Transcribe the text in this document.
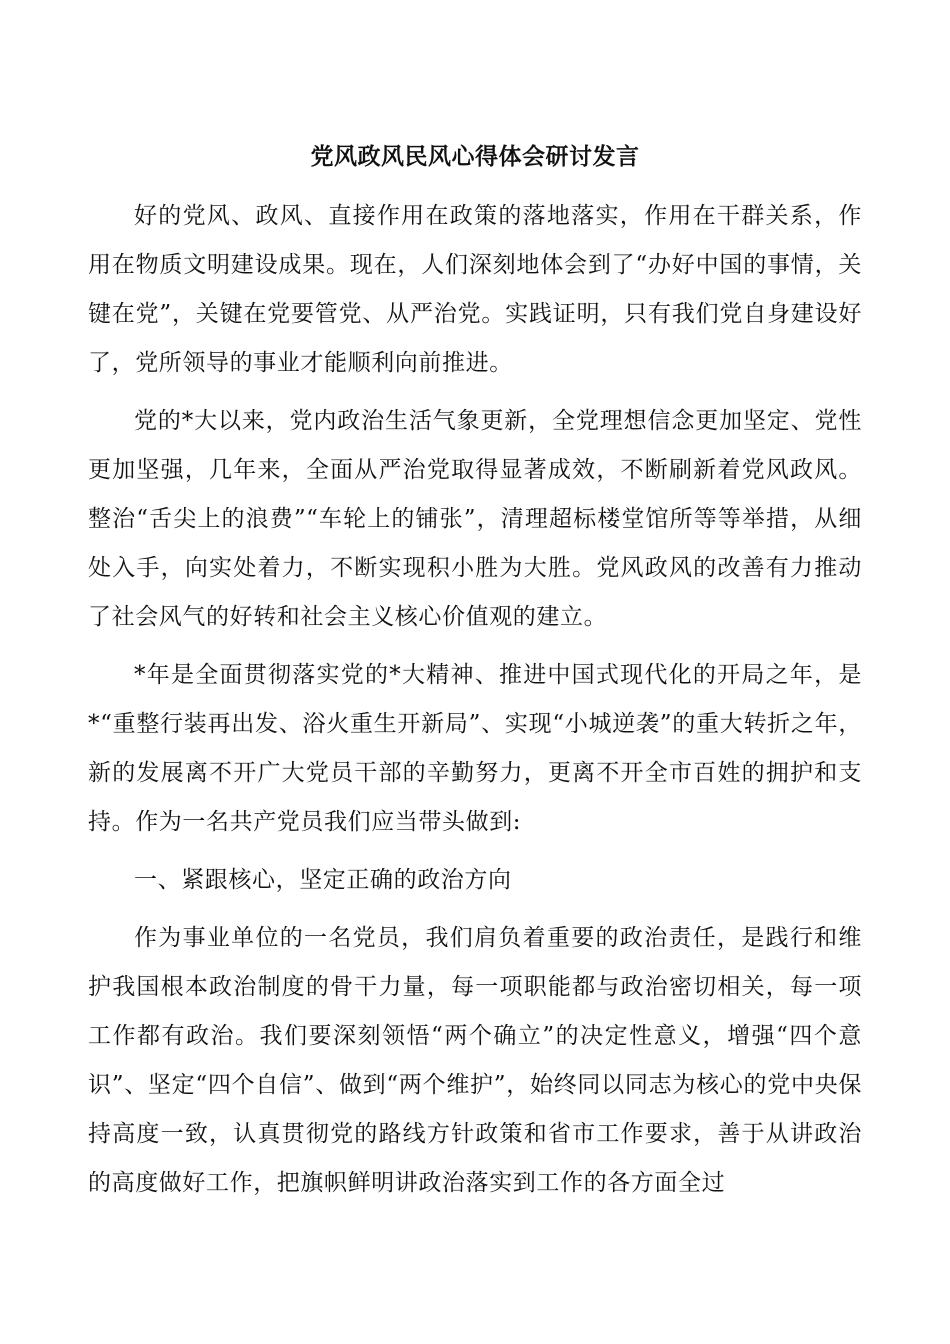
党风政风民风心得体会研讨发言

好的党风、政风、直接作用在政策的落地落实，作用在干群关系，作用在物质文明建设成果。现在，人们深刻地体会到了“办好中国的事情，关键在党”，关键在党要管党、从严治党。实践证明，只有我们党自身建设好了，党所领导的事业才能顺利向前推进。

党的*大以来，党内政治生活气象更新，全党理想信念更加坚定、党性更加坚强，几年来，全面从严治党取得显著成效，不断刷新着党风政风。整治“舌尖上的浪费”“车轮上的铺张”，清理超标楼堂馆所等等举措，从细处入手，向实处着力，不断实现积小胜为大胜。党风政风的改善有力推动了社会风气的好转和社会主义核心价值观的建立。

*年是全面贯彻落实党的*大精神、推进中国式现代化的开局之年，是*“重整行装再出发、浴火重生开新局”、实现“小城逆袭”的重大转折之年，新的发展离不开广大党员干部的辛勤努力，更离不开全市百姓的拥护和支持。作为一名共产党员我们应当带头做到:

一、紧跟核心，坚定正确的政治方向

作为事业单位的一名党员，我们肩负着重要的政治责任，是践行和维护我国根本政治制度的骨干力量，每一项职能都与政治密切相关，每一项工作都有政治。我们要深刻领悟“两个确立”的决定性意义，增强“四个意识”、坚定“四个自信”、做到“两个维护”，始终同以同志为核心的党中央保持高度一致，认真贯彻党的路线方针政策和省市工作要求，善于从讲政治的高度做好工作，把旗帜鲜明讲政治落实到工作的各方面全过
